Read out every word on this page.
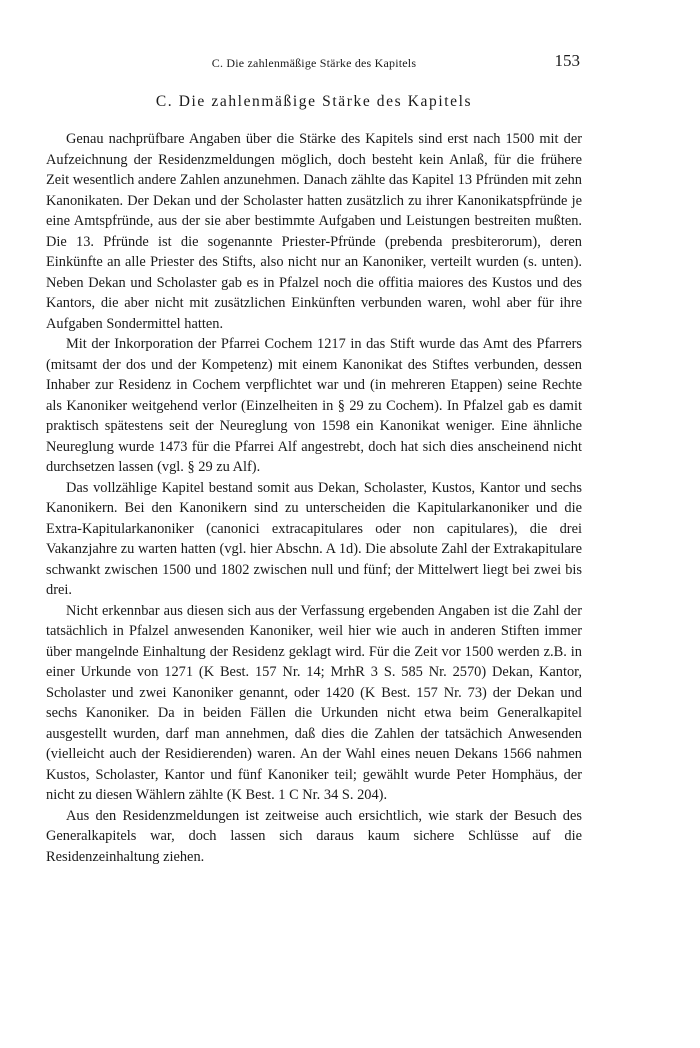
C. Die zahlenmäßige Stärke des Kapitels	153
C. Die zahlenmäßige Stärke des Kapitels

Genau nachprüfbare Angaben über die Stärke des Kapitels sind erst nach 1500 mit der Aufzeichnung der Residenzmeldungen möglich, doch besteht kein Anlaß, für die frühere Zeit wesentlich andere Zahlen anzunehmen. Danach zählte das Kapitel 13 Pfründen mit zehn Kanonikaten. Der Dekan und der Scholaster hatten zusätzlich zu ihrer Kanonikatspfründe je eine Amtspfründe, aus der sie aber bestimmte Aufgaben und Leistungen bestreiten mußten. Die 13. Pfründe ist die sogenannte Priester-Pfründe (prebenda presbiterorum), deren Einkünfte an alle Priester des Stifts, also nicht nur an Kanoniker, verteilt wurden (s. unten). Neben Dekan und Scholaster gab es in Pfalzel noch die offitia maiores des Kustos und des Kantors, die aber nicht mit zusätzlichen Einkünften verbunden waren, wohl aber für ihre Aufgaben Sondermittel hatten.

Mit der Inkorporation der Pfarrei Cochem 1217 in das Stift wurde das Amt des Pfarrers (mitsamt der dos und der Kompetenz) mit einem Kanonikat des Stiftes verbunden, dessen Inhaber zur Residenz in Cochem verpflichtet war und (in mehreren Etappen) seine Rechte als Kanoniker weitgehend verlor (Einzelheiten in § 29 zu Cochem). In Pfalzel gab es damit praktisch spätestens seit der Neureglung von 1598 ein Kanonikat weniger. Eine ähnliche Neureglung wurde 1473 für die Pfarrei Alf angestrebt, doch hat sich dies anscheinend nicht durchsetzen lassen (vgl. § 29 zu Alf).

Das vollzählige Kapitel bestand somit aus Dekan, Scholaster, Kustos, Kantor und sechs Kanonikern. Bei den Kanonikern sind zu unterscheiden die Kapitularkanoniker und die Extra-Kapitularkanoniker (canonici extracapitulares oder non capitulares), die drei Vakanzjahre zu warten hatten (vgl. hier Abschn. A 1d). Die absolute Zahl der Extrakapitulare schwankt zwischen 1500 und 1802 zwischen null und fünf; der Mittelwert liegt bei zwei bis drei.

Nicht erkennbar aus diesen sich aus der Verfassung ergebenden Angaben ist die Zahl der tatsächlich in Pfalzel anwesenden Kanoniker, weil hier wie auch in anderen Stiften immer über mangelnde Einhaltung der Residenz geklagt wird. Für die Zeit vor 1500 werden z.B. in einer Urkunde von 1271 (K Best. 157 Nr. 14; MrhR 3 S. 585 Nr. 2570) Dekan, Kantor, Scholaster und zwei Kanoniker genannt, oder 1420 (K Best. 157 Nr. 73) der Dekan und sechs Kanoniker. Da in beiden Fällen die Urkunden nicht etwa beim Generalkapitel ausgestellt wurden, darf man annehmen, daß dies die Zahlen der tatsächich Anwesenden (vielleicht auch der Residierenden) waren. An der Wahl eines neuen Dekans 1566 nahmen Kustos, Scholaster, Kantor und fünf Kanoniker teil; gewählt wurde Peter Homphäus, der nicht zu diesen Wählern zählte (K Best. 1 C Nr. 34 S. 204).

Aus den Residenzmeldungen ist zeitweise auch ersichtlich, wie stark der Besuch des Generalkapitels war, doch lassen sich daraus kaum sichere Schlüsse auf die Residenzeinhaltung ziehen.
